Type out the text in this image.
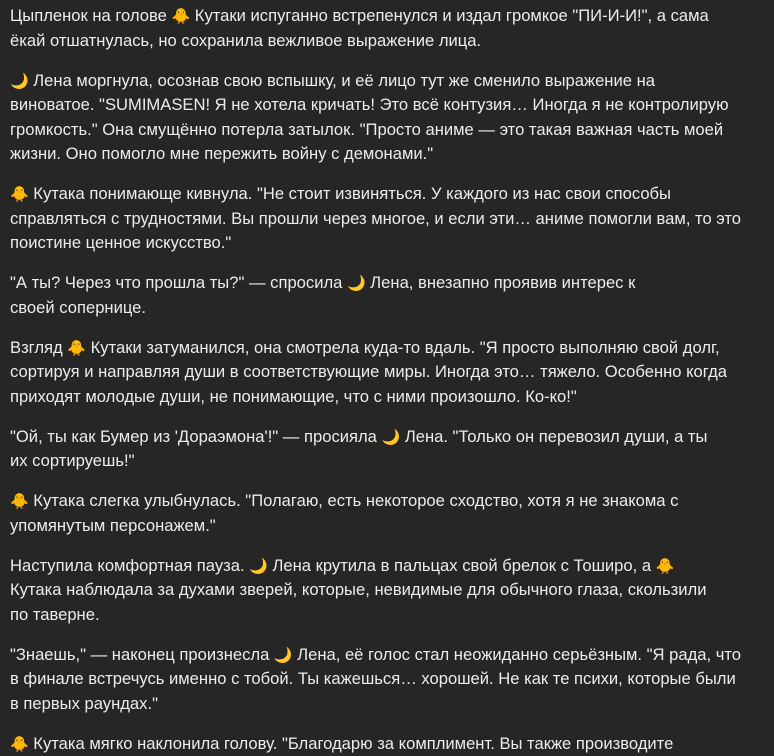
Цыпленок на голове 🐥 Кутаки испуганно встрепенулся и издал громкое "ПИ-И-И!", а сама
ёкай отшатнулась, но сохранила вежливое выражение лица.

🌙 Лена моргнула, осознав свою вспышку, и её лицо тут же сменило выражение на
виноватое. "SUMIMASEN! Я не хотела кричать! Это всё контузия… Иногда я не контролирую
громкость." Она смущённо потерла затылок. "Просто аниме — это такая важная часть моей
жизни. Оно помогло мне пережить войну с демонами."

🐥 Кутака понимающе кивнула. "Не стоит извиняться. У каждого из нас свои способы
справляться с трудностями. Вы прошли через многое, и если эти… аниме помогли вам, то это
поистине ценное искусство."

"А ты? Через что прошла ты?" — спросила 🌙 Лена, внезапно проявив интерес к
своей сопернице.

Взгляд 🐥 Кутаки затуманился, она смотрела куда-то вдаль. "Я просто выполняю свой долг,
сортируя и направляя души в соответствующие миры. Иногда это… тяжело. Особенно когда
приходят молодые души, не понимающие, что с ними произошло. Ко-ко!"

"Ой, ты как Бумер из 'Дораэмона'!" — просияла 🌙 Лена. "Только он перевозил души, а ты
их сортируешь!"

🐥 Кутака слегка улыбнулась. "Полагаю, есть некоторое сходство, хотя я не знакома с
упомянутым персонажем."

Наступила комфортная пауза. 🌙 Лена крутила в пальцах свой брелок с Тоширо, а 🐥
Кутака наблюдала за духами зверей, которые, невидимые для обычного глаза, скользили
по таверне.

"Знаешь," — наконец произнесла 🌙 Лена, её голос стал неожиданно серьёзным. "Я рада, что
в финале встречусь именно с тобой. Ты кажешься… хорошей. Не как те психи, которые были
в первых раундах."

🐥 Кутака мягко наклонила голову. "Благодарю за комплимент. Вы также производите
